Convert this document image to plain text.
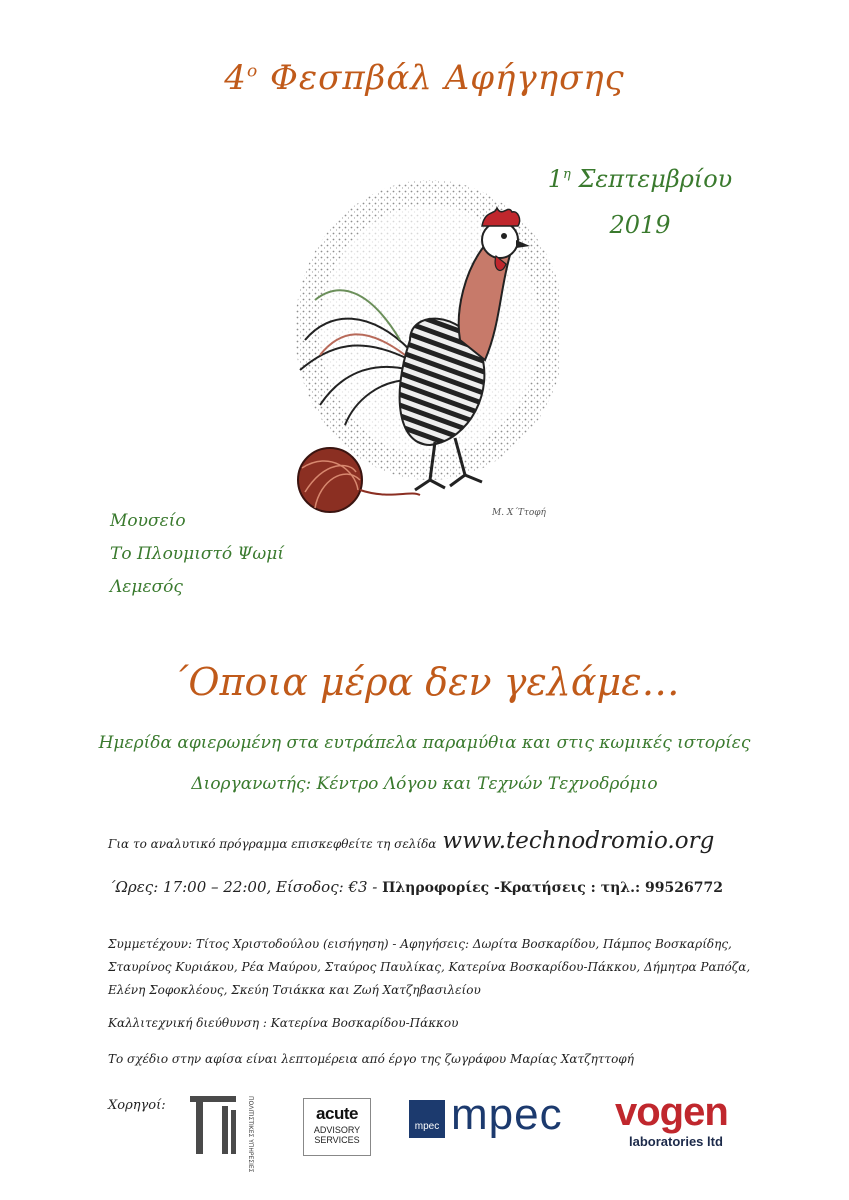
$4^o$ Φεσπβάλ Αφήγησης
$1^\eta$ Σεπτεμβρίου
2019
Μ. Χ΄Ττοφή
Μουσείο
Το Πλουμιστό Ψωμί
Λεμεσός
΄Οποια μέρα δεν γελάμε…
Ημερίδα αφιερωμένη στα ευτράπελα παραμύθια και στις κωμικές ιστορίες
Διοργανωτής: Κέντρο Λόγου και Τεχνών Τεχνοδρόμιο
Για το αναλυτικό πρόγραμμα επισκεφθείτε τη σελίδα www.technodromio.org
΄Ωρες: 17:00 – 22:00, Είσοδος: €3 - Πληροφορίες -Κρατήσεις : τηλ.: 99526772
Συμμετέχουν: Τίτος Χριστοδούλου (εισήγηση) - Αφηγήσεις: Δωρίτα Βοσκαρίδου, Πάμπος Βοσκαρίδης, Σταυρίνος Κυριάκου, Ρέα Μαύρου, Σταύρος Παυλίκας, Κατερίνα Βοσκαρίδου-Πάκκου, Δήμητρα Ραπόζα, Ελένη Σοφοκλέους, Σκεύη Τσιάκκα και Ζωή Χατζηβασιλείου
Καλλιτεχνική διεύθυνση : Κατερίνα Βοσκαρίδου-Πάκκου
Το σχέδιο στην αφίσα είναι λεπτομέρεια από έργο της ζωγράφου Μαρίας Χατζηττοφή
Χορηγοί:	ΠΟΛΙΤΙΣΤΙΚΕΣ ΥΠΗΡΕΣΙΕΣ	acute
ADVISORY
SERVICES
mpec mpec vogen
laboratories ltd
